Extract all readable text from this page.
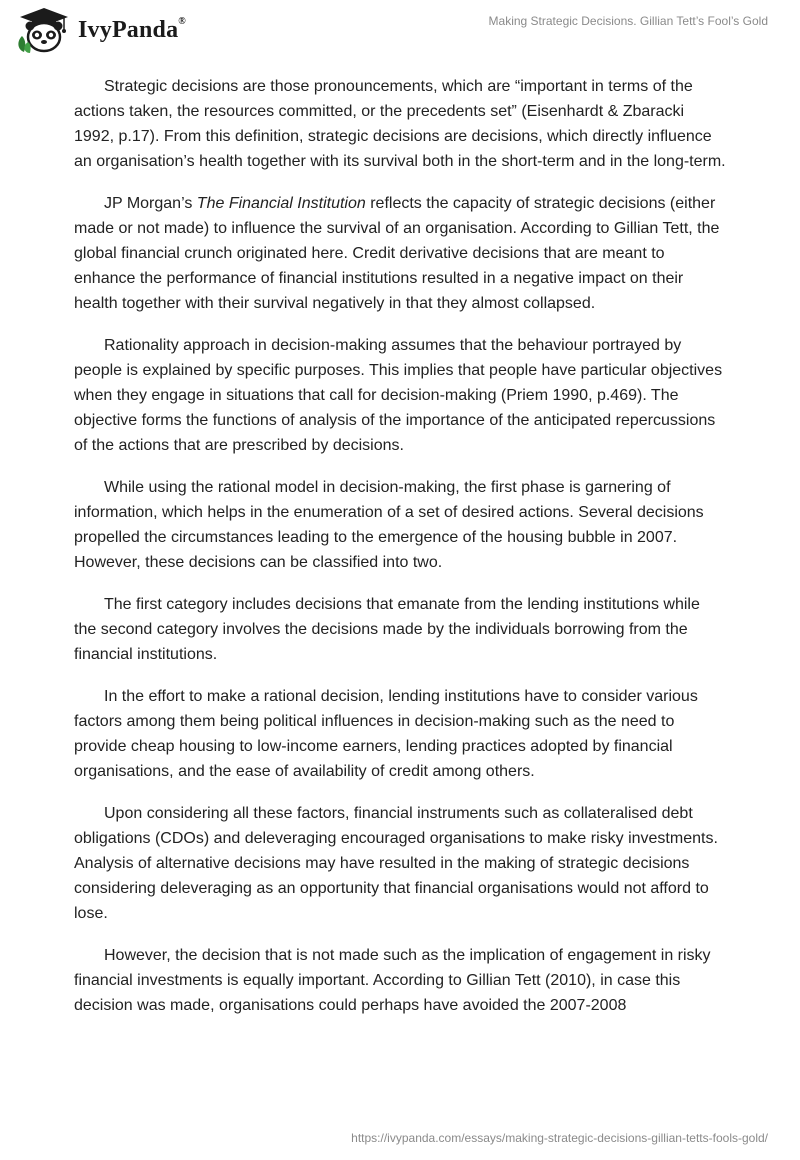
IvyPanda®	Making Strategic Decisions. Gillian Tett’s Fool’s Gold

Strategic decisions are those pronouncements, which are “important in terms of the actions taken, the resources committed, or the precedents set” (Eisenhardt & Zbaracki 1992, p.17). From this definition, strategic decisions are decisions, which directly influence an organisation’s health together with its survival both in the short-term and in the long-term.

JP Morgan’s The Financial Institution reflects the capacity of strategic decisions (either made or not made) to influence the survival of an organisation. According to Gillian Tett, the global financial crunch originated here. Credit derivative decisions that are meant to enhance the performance of financial institutions resulted in a negative impact on their health together with their survival negatively in that they almost collapsed.

Rationality approach in decision-making assumes that the behaviour portrayed by people is explained by specific purposes. This implies that people have particular objectives when they engage in situations that call for decision-making (Priem 1990, p.469). The objective forms the functions of analysis of the importance of the anticipated repercussions of the actions that are prescribed by decisions.

While using the rational model in decision-making, the first phase is garnering of information, which helps in the enumeration of a set of desired actions. Several decisions propelled the circumstances leading to the emergence of the housing bubble in 2007. However, these decisions can be classified into two.

The first category includes decisions that emanate from the lending institutions while the second category involves the decisions made by the individuals borrowing from the financial institutions.

In the effort to make a rational decision, lending institutions have to consider various factors among them being political influences in decision-making such as the need to provide cheap housing to low-income earners, lending practices adopted by financial organisations, and the ease of availability of credit among others.

Upon considering all these factors, financial instruments such as collateralised debt obligations (CDOs) and deleveraging encouraged organisations to make risky investments. Analysis of alternative decisions may have resulted in the making of strategic decisions considering deleveraging as an opportunity that financial organisations would not afford to lose.

However, the decision that is not made such as the implication of engagement in risky financial investments is equally important. According to Gillian Tett (2010), in case this decision was made, organisations could perhaps have avoided the 2007-2008

https://ivypanda.com/essays/making-strategic-decisions-gillian-tetts-fools-gold/
